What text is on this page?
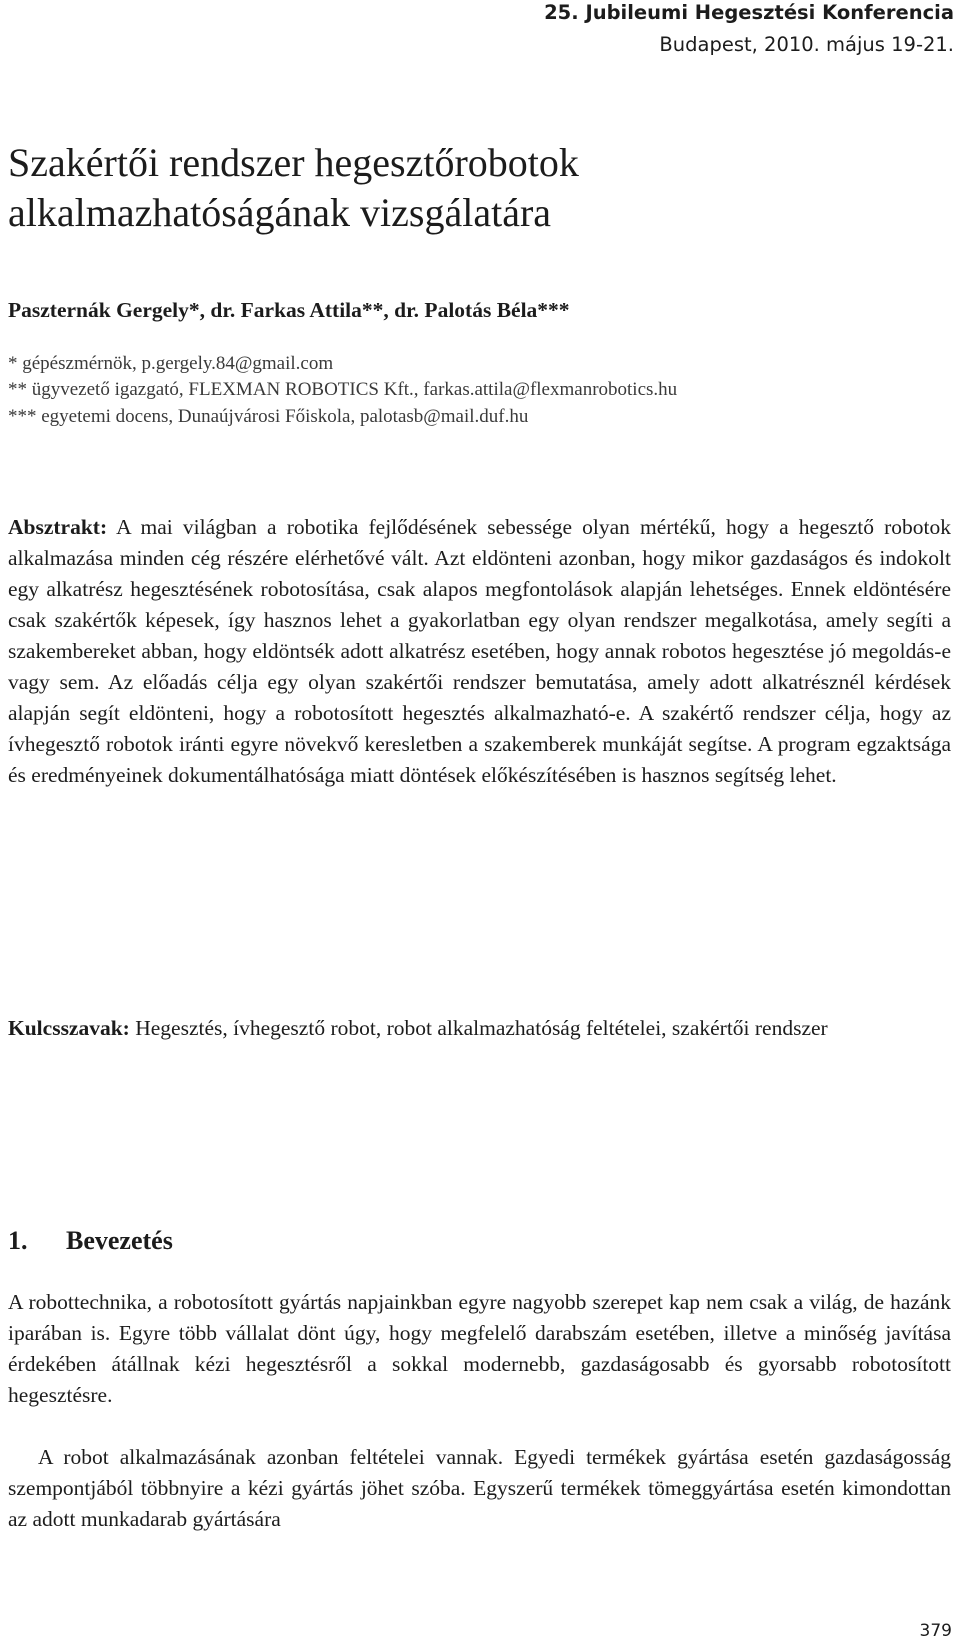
25. Jubileumi Hegesztési Konferencia
Budapest, 2010. május 19-21.
Szakértői rendszer hegesztőrobotok
alkalmazhatóságának vizsgálatára
Paszternák Gergely*, dr. Farkas Attila**, dr. Palotás Béla***
* gépészmérnök, p.gergely.84@gmail.com
** ügyvezető igazgató, FLEXMAN ROBOTICS Kft., farkas.attila@flexmanrobotics.hu
*** egyetemi docens, Dunaújvárosi Főiskola, palotasb@mail.duf.hu
Absztrakt: A mai világban a robotika fejlődésének sebessége olyan mértékű, hogy a hegesztő robotok alkalmazása minden cég részére elérhetővé vált. Azt eldönteni azonban, hogy mikor gazdaságos és indokolt egy alkatrész hegesztésének robotosítása, csak alapos megfontolások alapján lehetséges. Ennek eldöntésére csak szakértők képesek, így hasznos lehet a gyakorlatban egy olyan rendszer megalkotása, amely segíti a szakembereket abban, hogy eldöntsék adott alkatrész esetében, hogy annak robotos hegesztése jó megoldás-e vagy sem. Az előadás célja egy olyan szakértői rendszer bemutatása, amely adott alkatrésznél kérdések alapján segít eldönteni, hogy a robotosított hegesztés alkalmazható-e. A szakértő rendszer célja, hogy az ívhegesztő robotok iránti egyre növekvő keresletben a szakemberek munkáját segítse. A program egzaktsága és eredményeinek dokumentálhatósága miatt döntések előkészítésében is hasznos segítség lehet.
Kulcsszavak: Hegesztés, ívhegesztő robot, robot alkalmazhatóság feltételei, szakértői rendszer
1. Bevezetés
A robottechnika, a robotosított gyártás napjainkban egyre nagyobb szerepet kap nem csak a világ, de hazánk iparában is. Egyre több vállalat dönt úgy, hogy megfelelő darabszám esetében, illetve a minőség javítása érdekében átállnak kézi hegesztésről a sokkal modernebb, gazdaságosabb és gyorsabb robotosított hegesztésre.
A robot alkalmazásának azonban feltételei vannak. Egyedi termékek gyártása esetén gazdaságosság szempontjából többnyire a kézi gyártás jöhet szóba. Egyszerű termékek tömeggyártása esetén kimondottan az adott munkadarab gyártására
379
